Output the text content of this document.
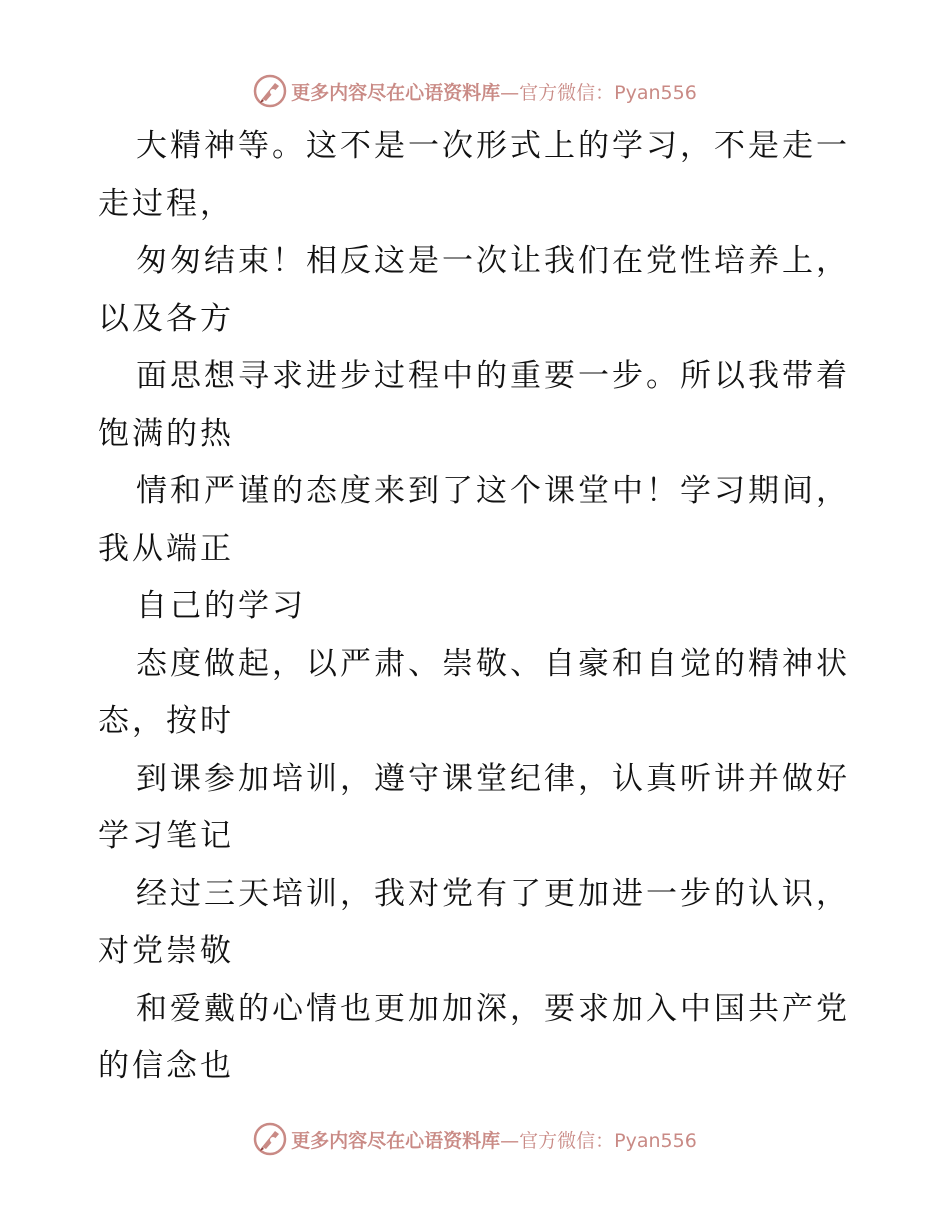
更多内容尽在心语资料库 —官方微信：Pyan556
大精神等。这不是一次形式上的学习，不是走一
走过程，
匆匆结束！相反这是一次让我们在党性培养上，
以及各方
面思想寻求进步过程中的重要一步。所以我带着
饱满的热
情和严谨的态度来到了这个课堂中！学习期间，
我从端正
自己的学习
态度做起，以严肃、崇敬、自豪和自觉的精神状
态，按时
到课参加培训，遵守课堂纪律，认真听讲并做好
学习笔记
经过三天培训，我对党有了更加进一步的认识，
对党崇敬
和爱戴的心情也更加加深，要求加入中国共产党
的信念也
更多内容尽在心语资料库 —官方微信：Pyan556
